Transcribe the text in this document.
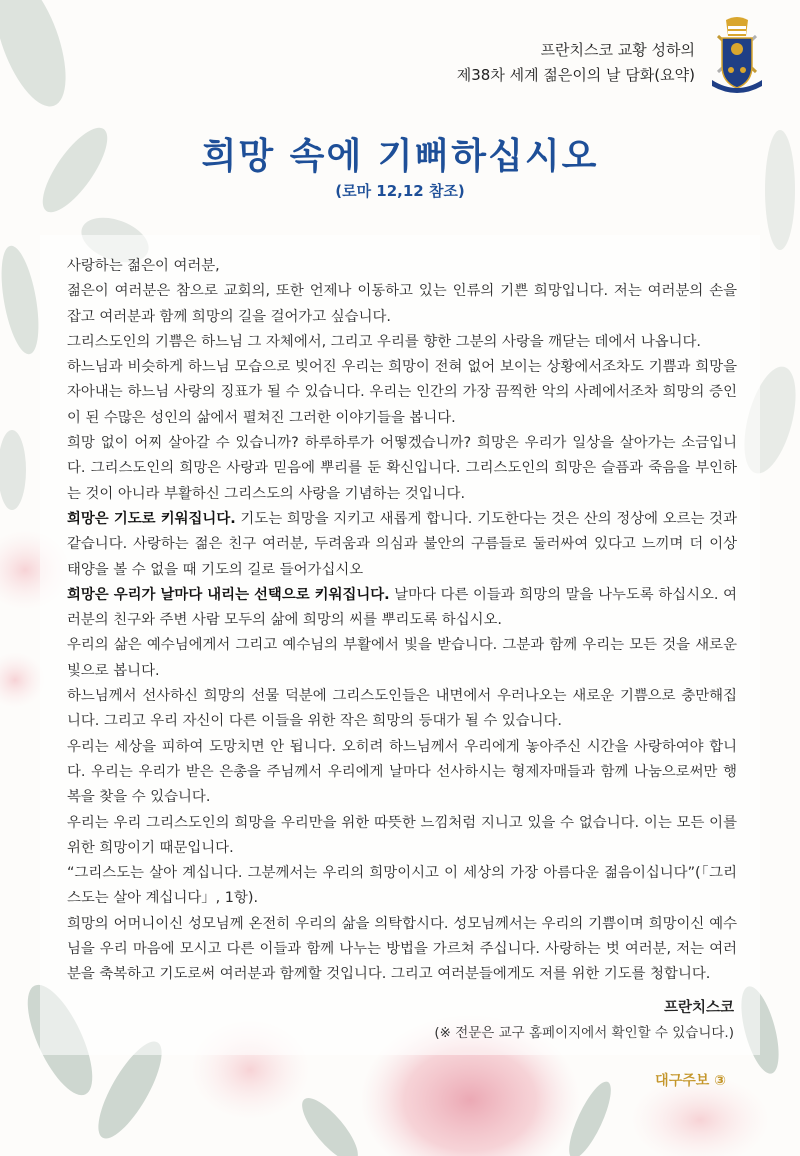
프란치스코 교황 성하의
제38차 세계 젊은이의 날 담화(요약)
희망 속에 기뻐하십시오
(로마 12,12 참조)

사랑하는 젊은이 여러분,

젊은이 여러분은 참으로 교회의, 또한 언제나 이동하고 있는 인류의 기쁜 희망입니다. 저는 여러분의 손을 잡고 여러분과 함께 희망의 길을 걸어가고 싶습니다.

그리스도인의 기쁨은 하느님 그 자체에서, 그리고 우리를 향한 그분의 사랑을 깨닫는 데에서 나옵니다.

하느님과 비슷하게 하느님 모습으로 빚어진 우리는 희망이 전혀 없어 보이는 상황에서조차도 기쁨과 희망을 자아내는 하느님 사랑의 징표가 될 수 있습니다. 우리는 인간의 가장 끔찍한 악의 사례에서조차 희망의 증인이 된 수많은 성인의 삶에서 펼쳐진 그러한 이야기들을 봅니다.

희망 없이 어찌 살아갈 수 있습니까? 하루하루가 어떻겠습니까? 희망은 우리가 일상을 살아가는 소금입니다. 그리스도인의 희망은 사랑과 믿음에 뿌리를 둔 확신입니다. 그리스도인의 희망은 슬픔과 죽음을 부인하는 것이 아니라 부활하신 그리스도의 사랑을 기념하는 것입니다.

희망은 기도로 키워집니다. 기도는 희망을 지키고 새롭게 합니다. 기도한다는 것은 산의 정상에 오르는 것과 같습니다. 사랑하는 젊은 친구 여러분, 두려움과 의심과 불안의 구름들로 둘러싸여 있다고 느끼며 더 이상 태양을 볼 수 없을 때 기도의 길로 들어가십시오

희망은 우리가 날마다 내리는 선택으로 키워집니다. 날마다 다른 이들과 희망의 말을 나누도록 하십시오. 여러분의 친구와 주변 사람 모두의 삶에 희망의 씨를 뿌리도록 하십시오.

우리의 삶은 예수님에게서 그리고 예수님의 부활에서 빛을 받습니다. 그분과 함께 우리는 모든 것을 새로운 빛으로 봅니다.

하느님께서 선사하신 희망의 선물 덕분에 그리스도인들은 내면에서 우러나오는 새로운 기쁨으로 충만해집니다. 그리고 우리 자신이 다른 이들을 위한 작은 희망의 등대가 될 수 있습니다.

우리는 세상을 피하여 도망치면 안 됩니다. 오히려 하느님께서 우리에게 놓아주신 시간을 사랑하여야 합니다. 우리는 우리가 받은 은총을 주님께서 우리에게 날마다 선사하시는 형제자매들과 함께 나눔으로써만 행복을 찾을 수 있습니다.

우리는 우리 그리스도인의 희망을 우리만을 위한 따뜻한 느낌처럼 지니고 있을 수 없습니다. 이는 모든 이를 위한 희망이기 때문입니다.

“그리스도는 살아 계십니다. 그분께서는 우리의 희망이시고 이 세상의 가장 아름다운 젊음이십니다”(「그리스도는 살아 계십니다」, 1항).

희망의 어머니이신 성모님께 온전히 우리의 삶을 의탁합시다. 성모님께서는 우리의 기쁨이며 희망이신 예수님을 우리 마음에 모시고 다른 이들과 함께 나누는 방법을 가르쳐 주십니다. 사랑하는 벗 여러분, 저는 여러분을 축복하고 기도로써 여러분과 함께할 것입니다. 그리고 여러분들에게도 저를 위한 기도를 청합니다.

프란치스코
(※ 전문은 교구 홈페이지에서 확인할 수 있습니다.)
대구주보 ③
